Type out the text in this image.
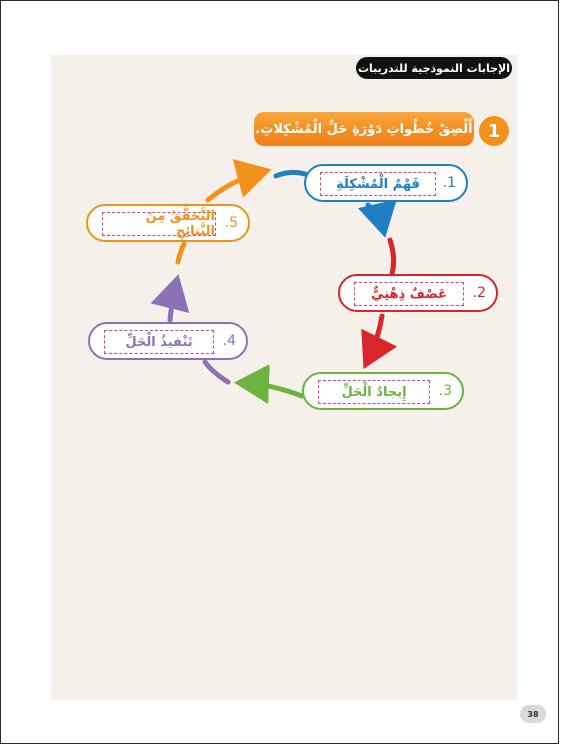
الإجابات النموذجية للتدريبات
1
أَلْصِقْ خُطُواتِ دَوْرَةِ حَلِّ الْمُشْكِلاتِ.
.1
فَهْمُ الْمُشْكِلَةِ
.2
عَصْفٌ ذِهْنِيٌّ
.3
إِيجادُ الْحَلِّ
.4
تَنْفيذُ الْحَلِّ
.5
التَّحَقُّقُ مِنَ النَّتائِجِ
38
